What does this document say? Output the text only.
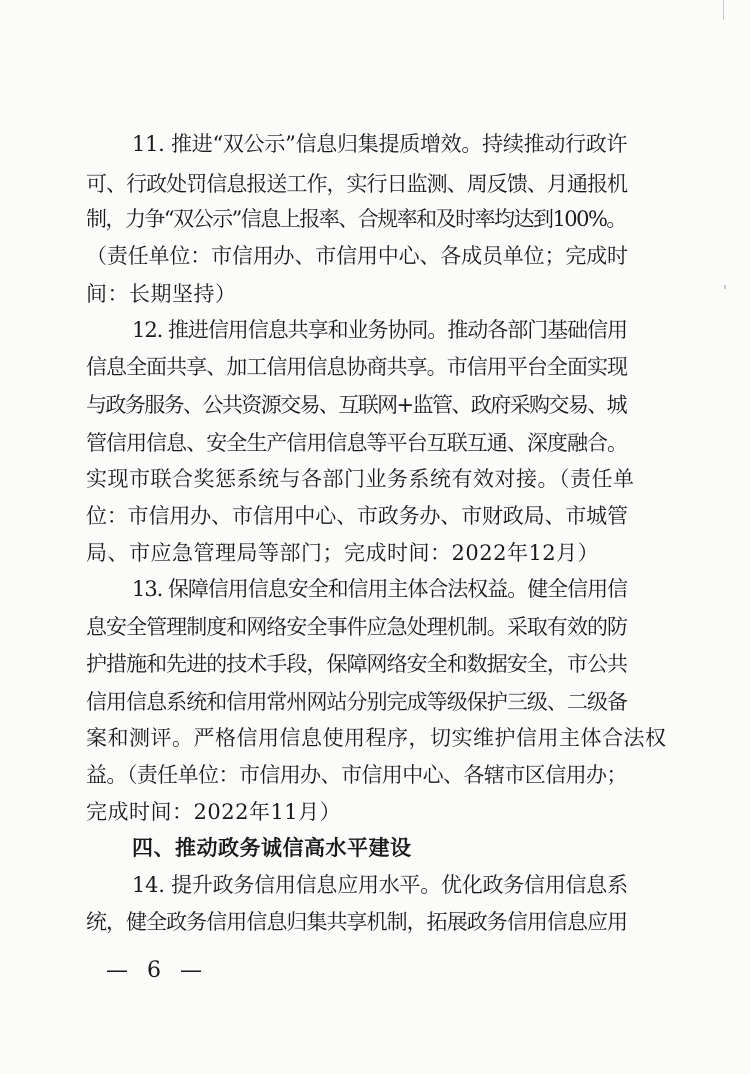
11. 推进“双公示”信息归集提质增效。持续推动行政许
可、行政处罚信息报送工作，实行日监测、周反馈、月通报机
制，力争“双公示”信息上报率、合规率和及时率均达到100%。
（责任单位：市信用办、市信用中心、各成员单位；完成时
间：长期坚持）
12. 推进信用信息共享和业务协同。推动各部门基础信用
信息全面共享、加工信用信息协商共享。市信用平台全面实现
与政务服务、公共资源交易、互联网+监管、政府采购交易、城
管信用信息、安全生产信用信息等平台互联互通、深度融合。
实现市联合奖惩系统与各部门业务系统有效对接。（责任单
位：市信用办、市信用中心、市政务办、市财政局、市城管
局、市应急管理局等部门；完成时间：2022年12月）
13. 保障信用信息安全和信用主体合法权益。健全信用信
息安全管理制度和网络安全事件应急处理机制。采取有效的防
护措施和先进的技术手段，保障网络安全和数据安全，市公共
信用信息系统和信用常州网站分别完成等级保护三级、二级备
案和测评。严格信用信息使用程序，切实维护信用主体合法权
益。（责任单位：市信用办、市信用中心、各辖市区信用办；
完成时间：2022年11月）
四、推动政务诚信高水平建设
14. 提升政务信用信息应用水平。优化政务信用信息系
统，健全政务信用信息归集共享机制，拓展政务信用信息应用
— 6 —
